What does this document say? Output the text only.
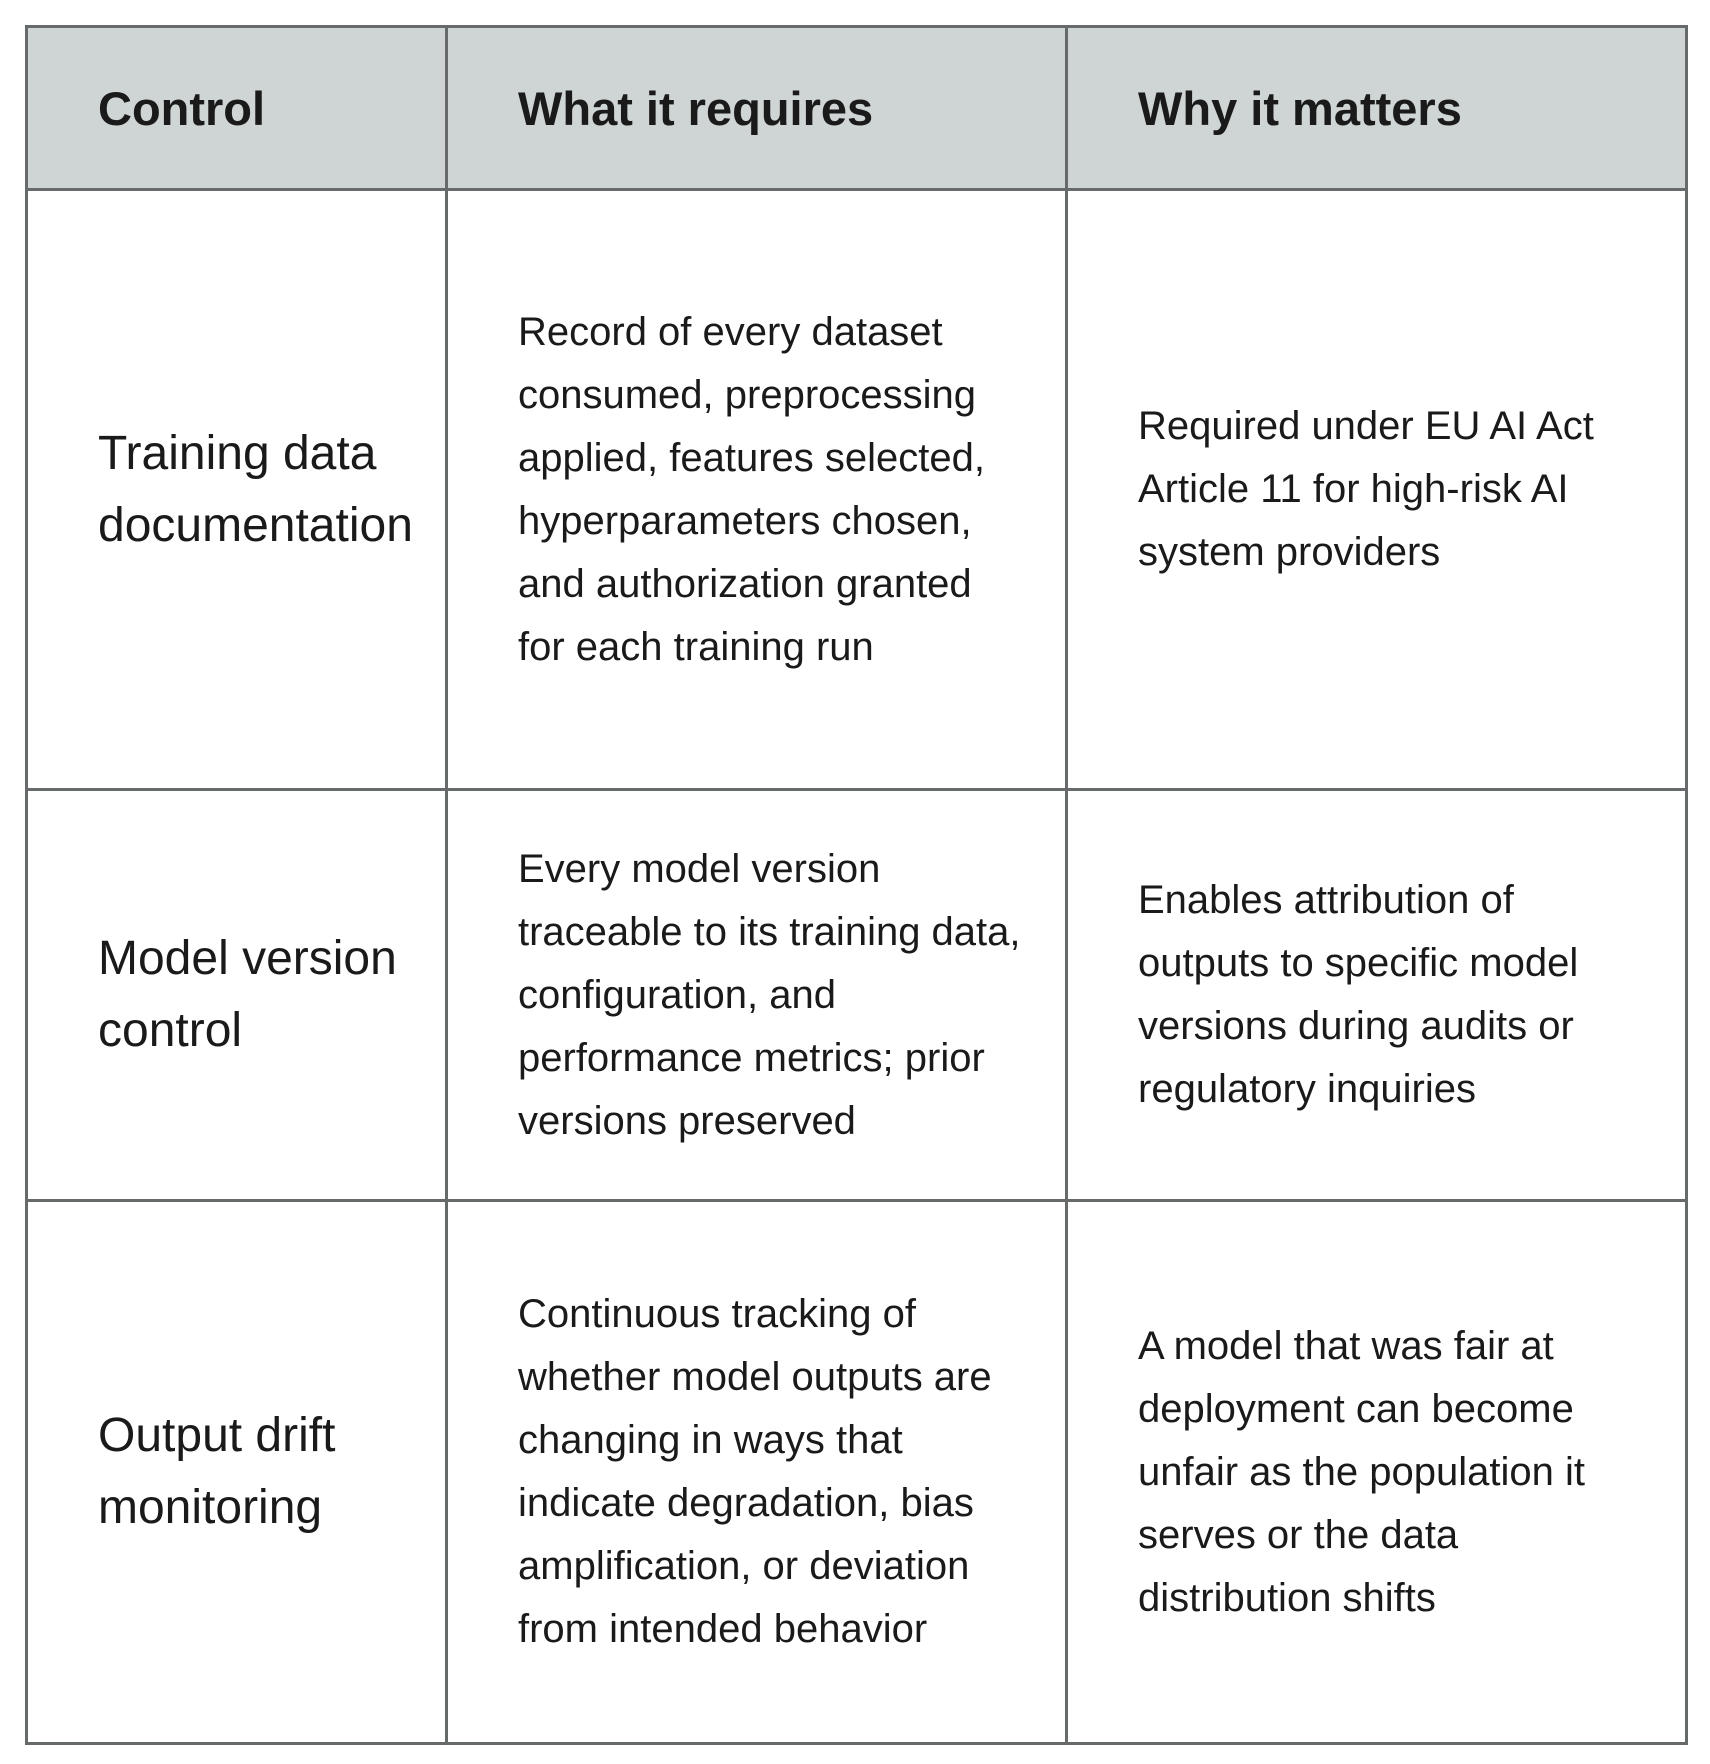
Control	What it requires	Why it matters
Training data documentation	Record of every dataset consumed, preprocessing applied, features selected, hyperparameters chosen, and authorization granted for each training run	Required under EU AI Act Article 11 for high-risk AI system providers
Model version control	Every model version traceable to its training data, configuration, and performance metrics; prior versions preserved	Enables attribution of outputs to specific model versions during audits or regulatory inquiries
Output drift monitoring	Continuous tracking of whether model outputs are changing in ways that indicate degradation, bias amplification, or deviation from intended behavior	A model that was fair at deployment can become unfair as the population it serves or the data distribution shifts
